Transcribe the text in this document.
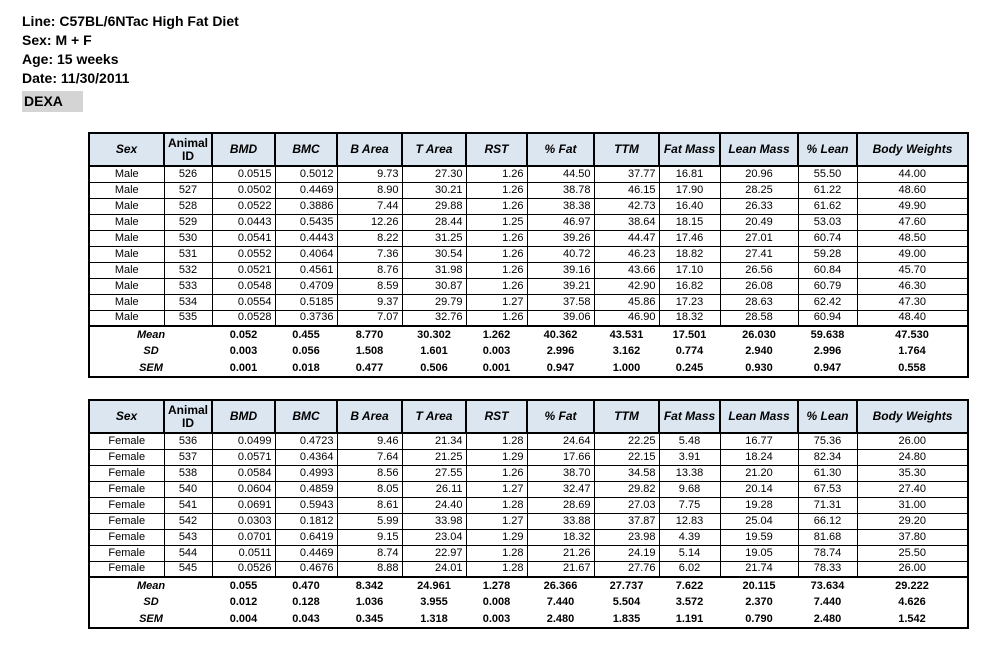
Line: C57BL/6NTac High Fat Diet
Sex: M + F
Age: 15 weeks
Date: 11/30/2011
DEXA
Sex	Animal ID	BMD	BMC	B Area	T Area	RST	% Fat	TTM	Fat Mass	Lean Mass	% Lean	Body Weights
Male	526	0.0515	0.5012	9.73	27.30	1.26	44.50	37.77	16.81	20.96	55.50	44.00
Male	527	0.0502	0.4469	8.90	30.21	1.26	38.78	46.15	17.90	28.25	61.22	48.60
Male	528	0.0522	0.3886	7.44	29.88	1.26	38.38	42.73	16.40	26.33	61.62	49.90
Male	529	0.0443	0.5435	12.26	28.44	1.25	46.97	38.64	18.15	20.49	53.03	47.60
Male	530	0.0541	0.4443	8.22	31.25	1.26	39.26	44.47	17.46	27.01	60.74	48.50
Male	531	0.0552	0.4064	7.36	30.54	1.26	40.72	46.23	18.82	27.41	59.28	49.00
Male	532	0.0521	0.4561	8.76	31.98	1.26	39.16	43.66	17.10	26.56	60.84	45.70
Male	533	0.0548	0.4709	8.59	30.87	1.26	39.21	42.90	16.82	26.08	60.79	46.30
Male	534	0.0554	0.5185	9.37	29.79	1.27	37.58	45.86	17.23	28.63	62.42	47.30
Male	535	0.0528	0.3736	7.07	32.76	1.26	39.06	46.90	18.32	28.58	60.94	48.40
Mean		0.052	0.455	8.770	30.302	1.262	40.362	43.531	17.501	26.030	59.638	47.530
SD		0.003	0.056	1.508	1.601	0.003	2.996	3.162	0.774	2.940	2.996	1.764
SEM		0.001	0.018	0.477	0.506	0.001	0.947	1.000	0.245	0.930	0.947	0.558
Sex	Animal ID	BMD	BMC	B Area	T Area	RST	% Fat	TTM	Fat Mass	Lean Mass	% Lean	Body Weights
Female	536	0.0499	0.4723	9.46	21.34	1.28	24.64	22.25	5.48	16.77	75.36	26.00
Female	537	0.0571	0.4364	7.64	21.25	1.29	17.66	22.15	3.91	18.24	82.34	24.80
Female	538	0.0584	0.4993	8.56	27.55	1.26	38.70	34.58	13.38	21.20	61.30	35.30
Female	540	0.0604	0.4859	8.05	26.11	1.27	32.47	29.82	9.68	20.14	67.53	27.40
Female	541	0.0691	0.5943	8.61	24.40	1.28	28.69	27.03	7.75	19.28	71.31	31.00
Female	542	0.0303	0.1812	5.99	33.98	1.27	33.88	37.87	12.83	25.04	66.12	29.20
Female	543	0.0701	0.6419	9.15	23.04	1.29	18.32	23.98	4.39	19.59	81.68	37.80
Female	544	0.0511	0.4469	8.74	22.97	1.28	21.26	24.19	5.14	19.05	78.74	25.50
Female	545	0.0526	0.4676	8.88	24.01	1.28	21.67	27.76	6.02	21.74	78.33	26.00
Mean		0.055	0.470	8.342	24.961	1.278	26.366	27.737	7.622	20.115	73.634	29.222
SD		0.012	0.128	1.036	3.955	0.008	7.440	5.504	3.572	2.370	7.440	4.626
SEM		0.004	0.043	0.345	1.318	0.003	2.480	1.835	1.191	0.790	2.480	1.542
